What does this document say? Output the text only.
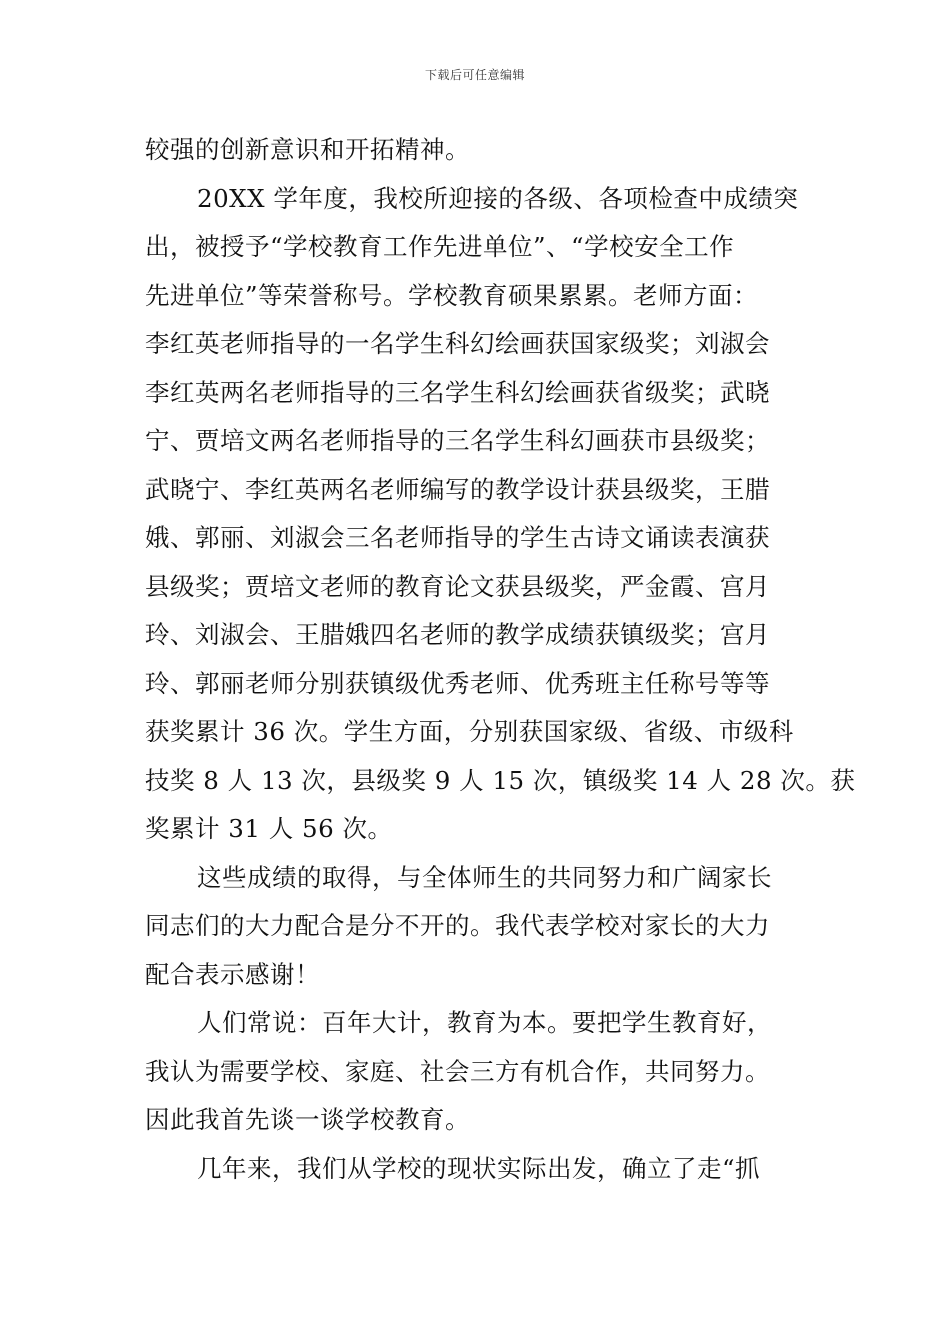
下载后可任意编辑
较强的创新意识和开拓精神。
20XX 学年度，我校所迎接的各级、各项检查中成绩突
出，被授予“学校教育工作先进单位”、“学校安全工作
先进单位”等荣誉称号。学校教育硕果累累。老师方面：
李红英老师指导的一名学生科幻绘画获国家级奖；刘淑会
李红英两名老师指导的三名学生科幻绘画获省级奖；武晓
宁、贾培文两名老师指导的三名学生科幻画获市县级奖；
武晓宁、李红英两名老师编写的教学设计获县级奖，王腊
娥、郭丽、刘淑会三名老师指导的学生古诗文诵读表演获
县级奖；贾培文老师的教育论文获县级奖，严金霞、宫月
玲、刘淑会、王腊娥四名老师的教学成绩获镇级奖；宫月
玲、郭丽老师分别获镇级优秀老师、优秀班主任称号等等
获奖累计 36 次。学生方面，分别获国家级、省级、市级科
技奖 8 人 13 次，县级奖 9 人 15 次，镇级奖 14 人 28 次。获
奖累计 31 人 56 次。
这些成绩的取得，与全体师生的共同努力和广阔家长
同志们的大力配合是分不开的。我代表学校对家长的大力
配合表示感谢！
人们常说：百年大计，教育为本。要把学生教育好，
我认为需要学校、家庭、社会三方有机合作，共同努力。
因此我首先谈一谈学校教育。
几年来，我们从学校的现状实际出发，确立了走“抓
